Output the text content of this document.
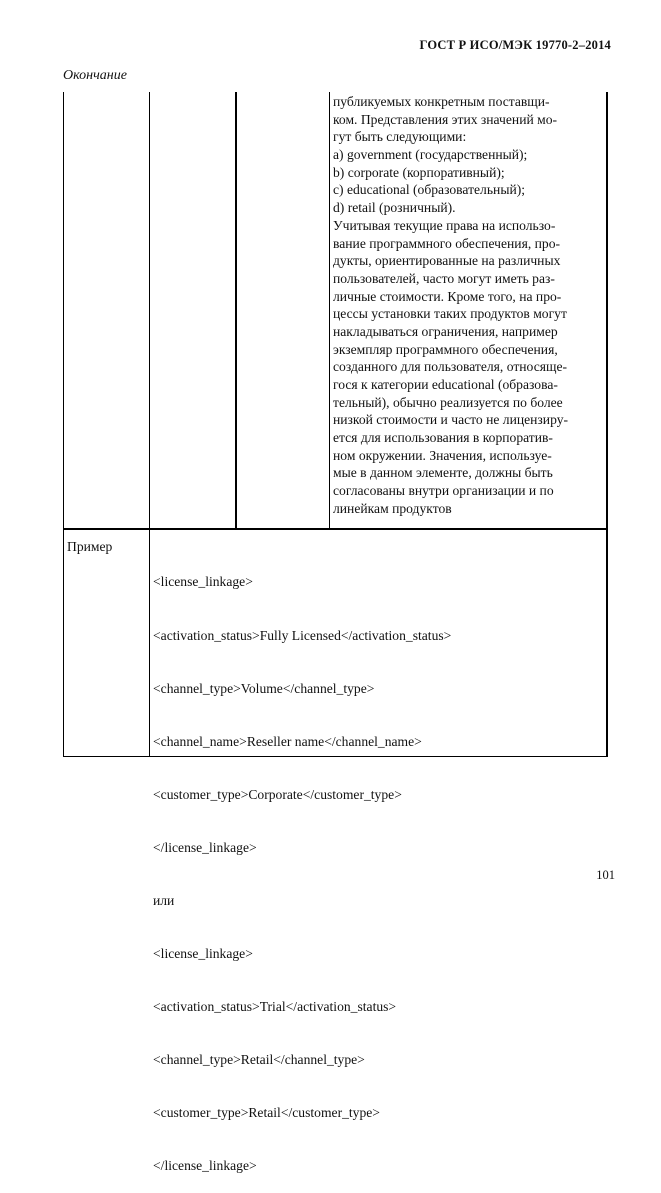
ГОСТ Р ИСО/МЭК 19770-2–2014
Окончание
публикуемых конкретным поставщи-
ком. Представления этих значений мо-
гут быть следующими:
a) government (государственный);
b) corporate (корпоративный);
c) educational (образовательный);
d) retail (розничный).
Учитывая текущие права на использо-
вание программного обеспечения, про-
дукты, ориентированные на различных
пользователей, часто могут иметь раз-
личные стоимости. Кроме того, на про-
цессы установки таких продуктов могут
накладываться ограничения, например
экземпляр программного обеспечения,
созданного для пользователя, относяще-
гося к категории educational (образова-
тельный), обычно реализуется по более
низкой стоимости и часто не лицензиру-
ется для использования в корпоратив-
ном окружении. Значения, используе-
мые в данном элементе, должны быть
согласованы внутри организации и по
линейкам продуктов
Пример

<license_linkage>

<activation_status>Fully Licensed</activation_status>

<channel_type>Volume</channel_type>

<channel_name>Reseller name</channel_name>

<customer_type>Corporate</customer_type>

</license_linkage>

или

<license_linkage>

<activation_status>Trial</activation_status>

<channel_type>Retail</channel_type>

<customer_type>Retail</customer_type>

</license_linkage>

101
